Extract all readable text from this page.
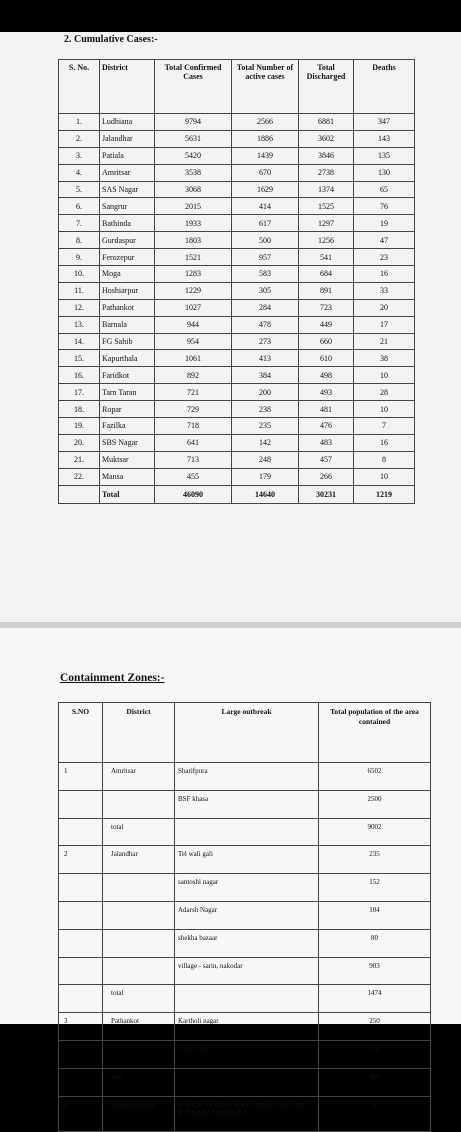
2. Cumulative Cases:-
S. No.	District	Total Confirmed Cases	Total Number of active cases	Total Discharged	Deaths
1.	Ludhiana	9794	2566	6881	347
2.	Jalandhar	5631	1886	3602	143
3.	Patiala	5420	1439	3846	135
4.	Amritsar	3538	670	2738	130
5.	SAS Nagar	3068	1629	1374	65
6.	Sangrur	2015	414	1525	76
7.	Bathinda	1933	617	1297	19
8.	Gurdaspur	1803	500	1256	47
9.	Ferozepur	1521	957	541	23
10.	Moga	1283	583	684	16
11.	Hoshiarpur	1229	305	891	33
12.	Pathankot	1027	284	723	20
13.	Barnala	944	478	449	17
14.	FG Sahib	954	273	660	21
15.	Kapurthala	1061	413	610	38
16.	Faridkot	892	384	498	10
17.	Tarn Taran	721	200	493	28
18.	Ropar	729	238	481	10
19.	Fazilka	718	235	476	7
20.	SBS Nagar	641	142	483	16
21.	Muktsar	713	248	457	8
22.	Mansa	455	179	266	10
	Total	46090	14640	30231	1219
Containment Zones:-
S.NO	District	Large outbreak	Total population of the area contained
1	Amritsar	Sharifpura	6502
		BSF khasa	2500
	total		9002
2	Jalandhar	Tel wali gali	235
		santoshi nagar	152
		Adarsh Nagar	104
		shekha bazaar	80
		village - sarin, nakodar	903
	total		1474
3	Pathankot	Kartholi nagar	250
		Sarif chack	210
	total		460
4	Fatehgarh sahib	POLICE STATION BASSI PATHANA AND KATHARA MOHALLA	90
